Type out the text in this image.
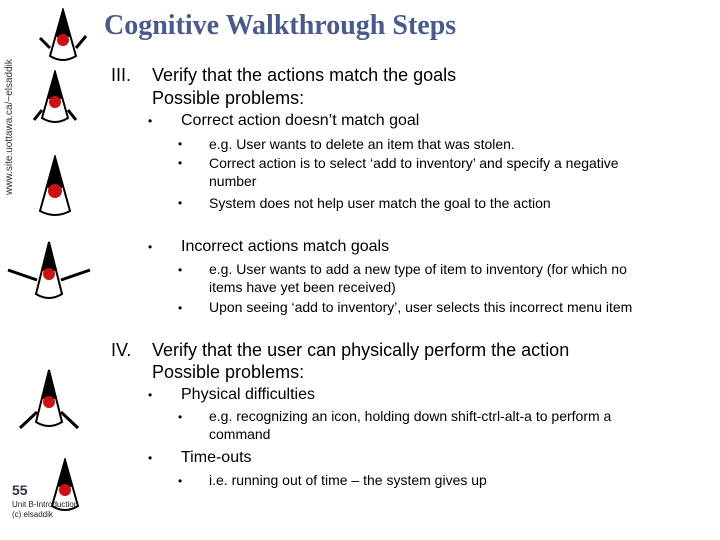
www.site.uottawa.ca/~elsaddik
Cognitive Walkthrough Steps
III. Verify that the actions match the goals
Possible problems:
• Correct action doesn’t match goal
• e.g. User wants to delete an item that was stolen.
• Correct action is to select ‘add to inventory’ and specify a negative
number
• System does not help user match the goal to the action
• Incorrect actions match goals
• e.g. User wants to add a new type of item to inventory (for which no
items have yet been received)
• Upon seeing ‘add to inventory’, user selects this incorrect menu item
IV. Verify that the user can physically perform the action
Possible problems:
• Physical difficulties
• e.g. recognizing an icon, holding down shift-ctrl-alt-a to perform a
command
• Time-outs
• i.e. running out of time – the system gives up
55
Unit B-Introduction
(c) elsaddik
